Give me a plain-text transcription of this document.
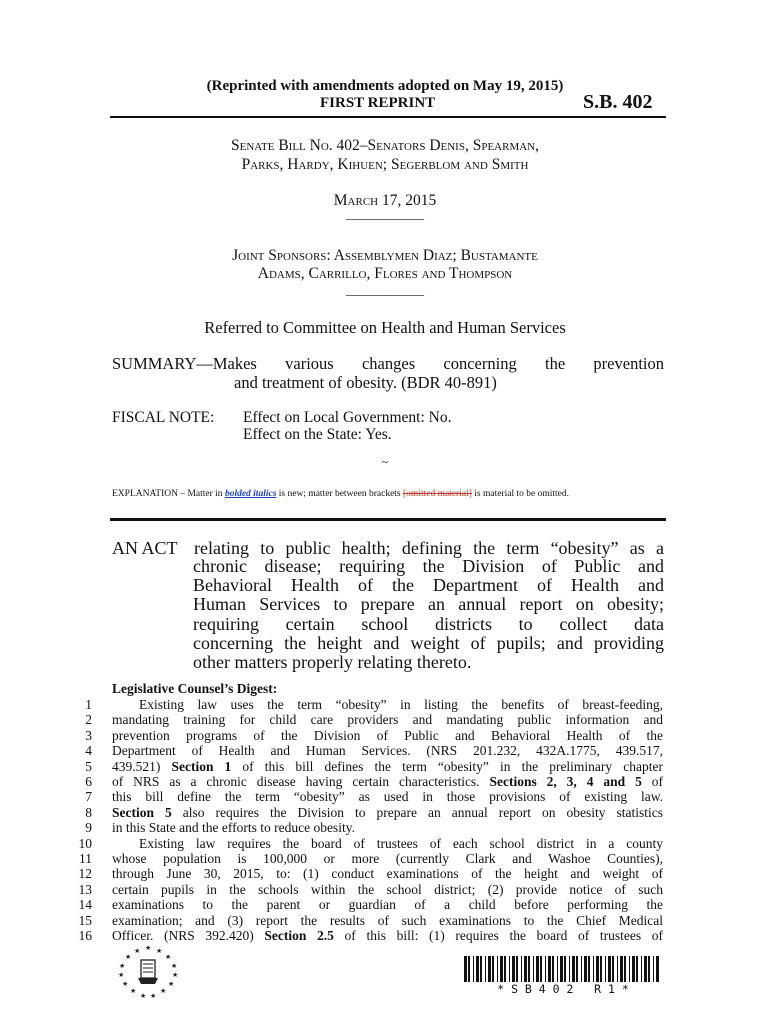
(Reprinted with amendments adopted on May 19, 2015)
FIRST REPRINT	S.B. 402
Senate Bill No. 402–Senators Denis, Spearman,
Parks, Hardy, Kihuen; Segerblom and Smith
March 17, 2015
____________
Joint Sponsors: Assemblymen Diaz; Bustamante
Adams, Carrillo, Flores and Thompson
____________
Referred to Committee on Health and Human Services
SUMMARY—Makes various changes concerning the prevention
and treatment of obesity. (BDR 40-891)
FISCAL NOTE: Effect on Local Government: No.
Effect on the State: Yes.
~
EXPLANATION – Matter in bolded italics is new; matter between brackets [omitted material] is material to be omitted.
AN ACT relating to public health; defining the term “obesity” as a
chronic disease; requiring the Division of Public and
Behavioral Health of the Department of Health and
Human Services to prepare an annual report on obesity;
requiring certain school districts to collect data
concerning the height and weight of pupils; and providing
other matters properly relating thereto.
Legislative Counsel’s Digest:
1	Existing law uses the term “obesity” in listing the benefits of breast-feeding,
2 mandating training for child care providers and mandating public information and
3 prevention programs of the Division of Public and Behavioral Health of the
4 Department of Health and Human Services. (NRS 201.232, 432A.1775, 439.517,
5 439.521) Section 1 of this bill defines the term “obesity” in the preliminary chapter
6 of NRS as a chronic disease having certain characteristics. Sections 2, 3, 4 and 5 of
7 this bill define the term “obesity” as used in those provisions of existing law.
8 Section 5 also requires the Division to prepare an annual report on obesity statistics
9 in this State and the efforts to reduce obesity.
10	Existing law requires the board of trustees of each school district in a county
11 whose population is 100,000 or more (currently Clark and Washoe Counties),
12 through June 30, 2015, to: (1) conduct examinations of the height and weight of
13 certain pupils in the schools within the school district; (2) provide notice of such
14 examinations to the parent or guardian of a child before performing the
15 examination; and (3) report the results of such examinations to the Chief Medical
16 Officer. (NRS 392.420) Section 2.5 of this bill: (1) requires the board of trustees of
★
★ ★
★	★
★	★
★	★
★	★
★	★
★ ★	* S B 4 0 2   R 1 *
